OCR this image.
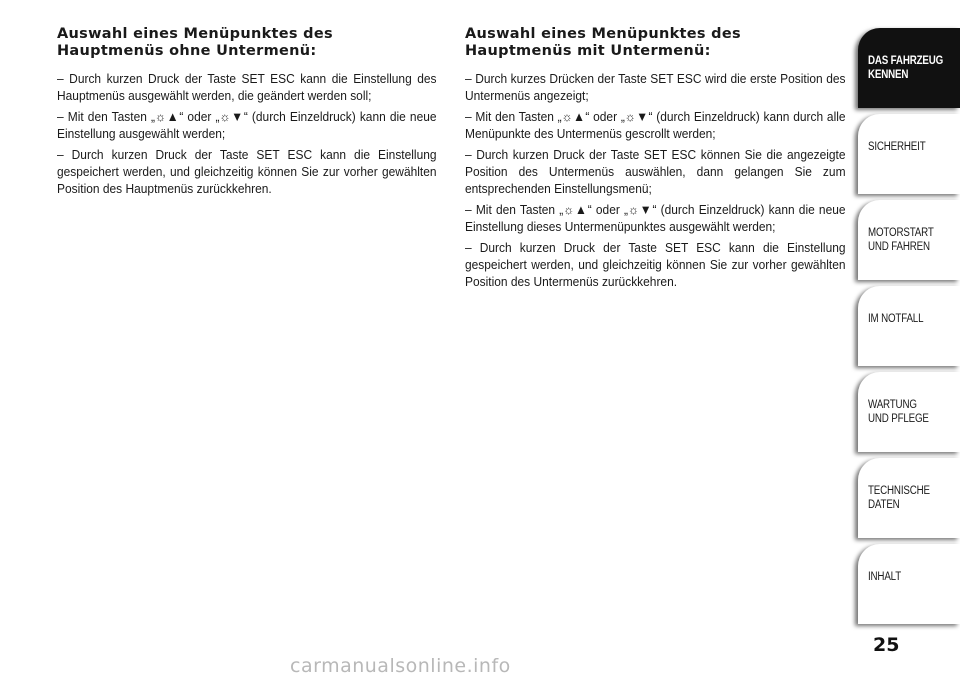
Auswahl eines Menüpunktes des Hauptmenüs ohne Untermenü:

– Durch kurzen Druck der Taste SET ESC kann die Einstellung des Hauptmenüs ausgewählt werden, die geändert werden soll;

– Mit den Tasten „☼▲“ oder „☼▼“ (durch Einzeldruck) kann die neue Einstellung ausgewählt werden;

– Durch kurzen Druck der Taste SET ESC kann die Einstellung gespeichert werden, und gleichzeitig können Sie zur vorher gewählten Position des Hauptmenüs zurückkehren.

Auswahl eines Menüpunktes des Hauptmenüs mit Untermenü:

– Durch kurzes Drücken der Taste SET ESC wird die erste Position des Untermenüs angezeigt;

– Mit den Tasten „☼▲“ oder „☼▼“ (durch Einzeldruck) kann durch alle Menüpunkte des Untermenüs gescrollt werden;

– Durch kurzen Druck der Taste SET ESC können Sie die angezeigte Position des Untermenüs auswählen, dann gelangen Sie zum entsprechenden Einstellungsmenü;

– Mit den Tasten „☼▲“ oder „☼▼“ (durch Einzeldruck) kann die neue Einstellung dieses Untermenüpunktes ausgewählt werden;

– Durch kurzen Druck der Taste SET ESC kann die Einstellung gespeichert werden, und gleichzeitig können Sie zur vorher gewählten Position des Untermenüs zurückkehren.

DAS FAHRZEUG
KENNEN
SICHERHEIT
MOTORSTART
UND FAHREN
IM NOTFALL
WARTUNG
UND PFLEGE
TECHNISCHE
DATEN
INHALT
25
carmanualsonline.info
